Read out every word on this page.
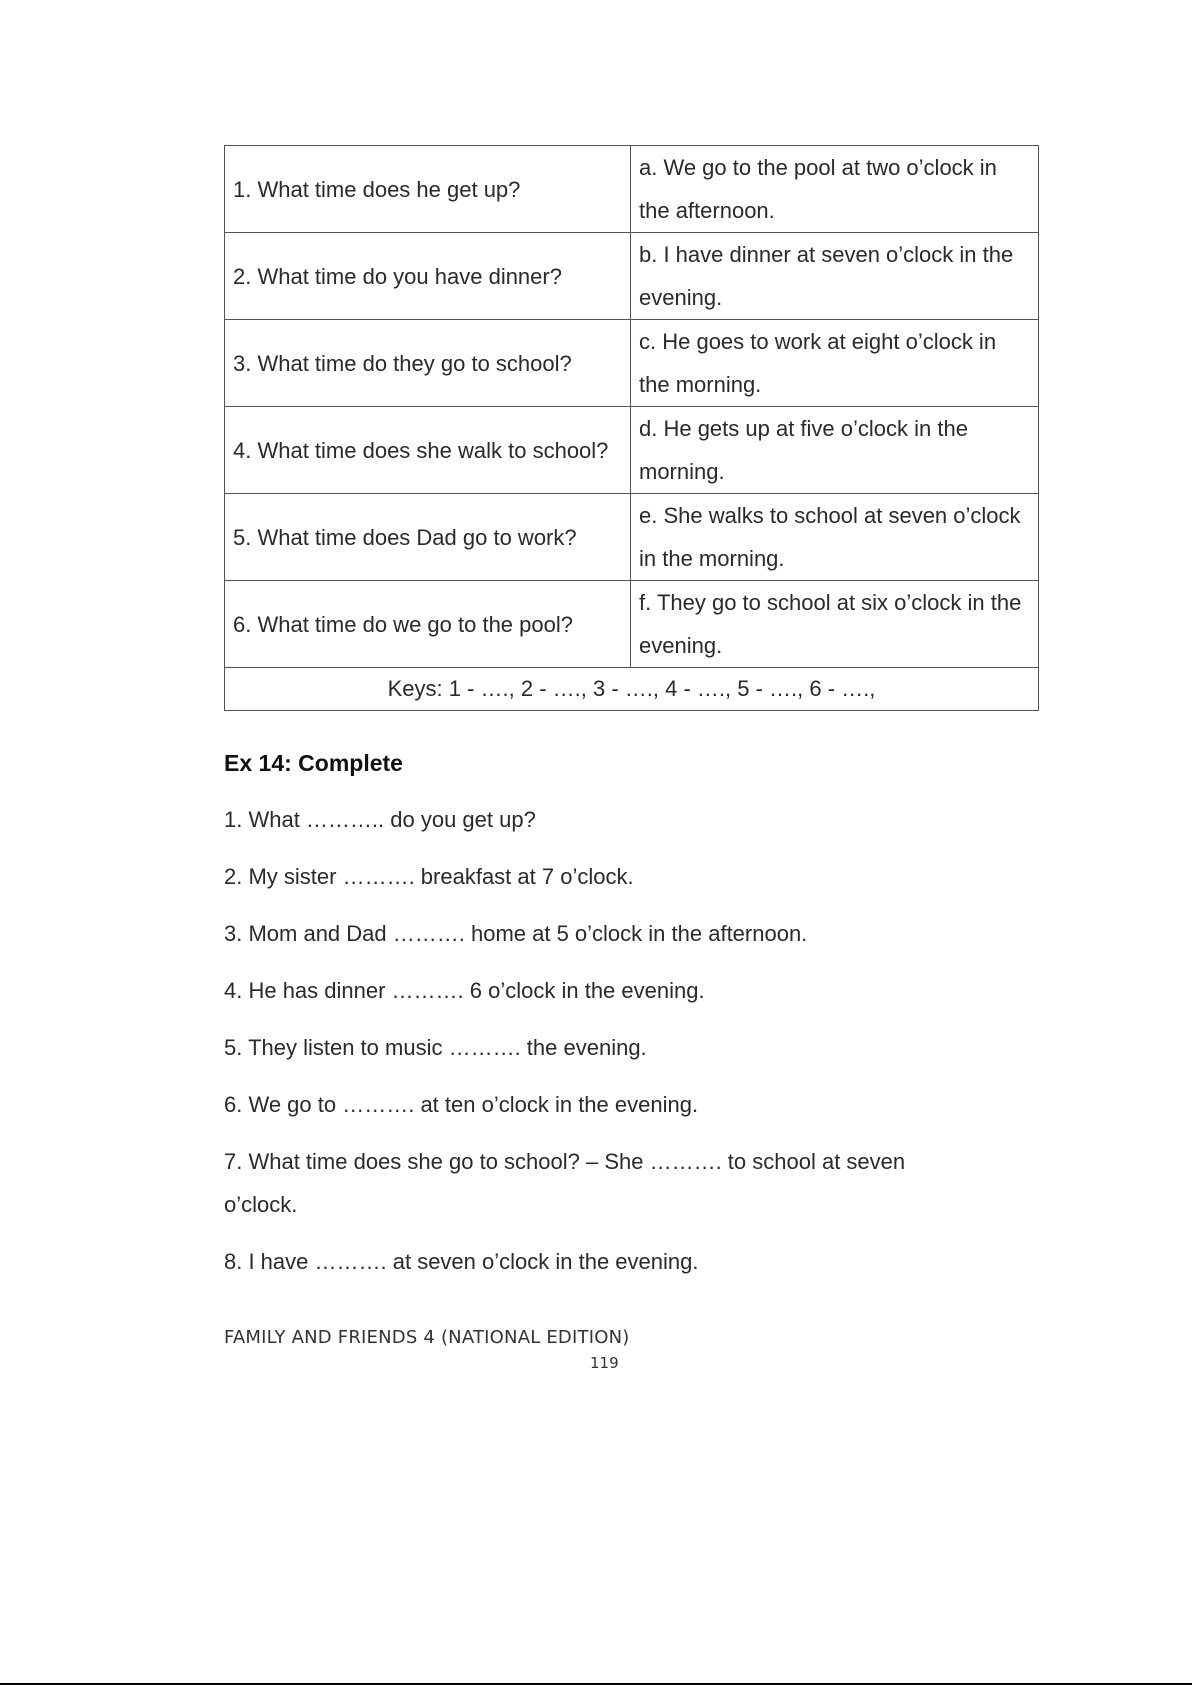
1. What time does he get up?	a. We go to the pool at two o’clock in the afternoon.
2. What time do you have dinner?	b. I have dinner at seven o’clock in the evening.
3. What time do they go to school?	c. He goes to work at eight o’clock in the morning.
4. What time does she walk to school?	d. He gets up at five o’clock in the morning.
5. What time does Dad go to work?	e. She walks to school at seven o’clock in the morning.
6. What time do we go to the pool?	f. They go to school at six o’clock in the evening.
Keys: 1 - …., 2 - …., 3 - …., 4 - …., 5 - …., 6 - ….,	
Ex 14: Complete
1. What ……….. do you get up?
2. My sister ………. breakfast at 7 o’clock.
3. Mom and Dad ………. home at 5 o’clock in the afternoon.
4. He has dinner ………. 6 o’clock in the evening.
5. They listen to music ………. the evening.
6. We go to ………. at ten o’clock in the evening.
7. What time does she go to school? – She ………. to school at seven o’clock.
8. I have ………. at seven o’clock in the evening.
FAMILY AND FRIENDS 4 (NATIONAL EDITION)
119
